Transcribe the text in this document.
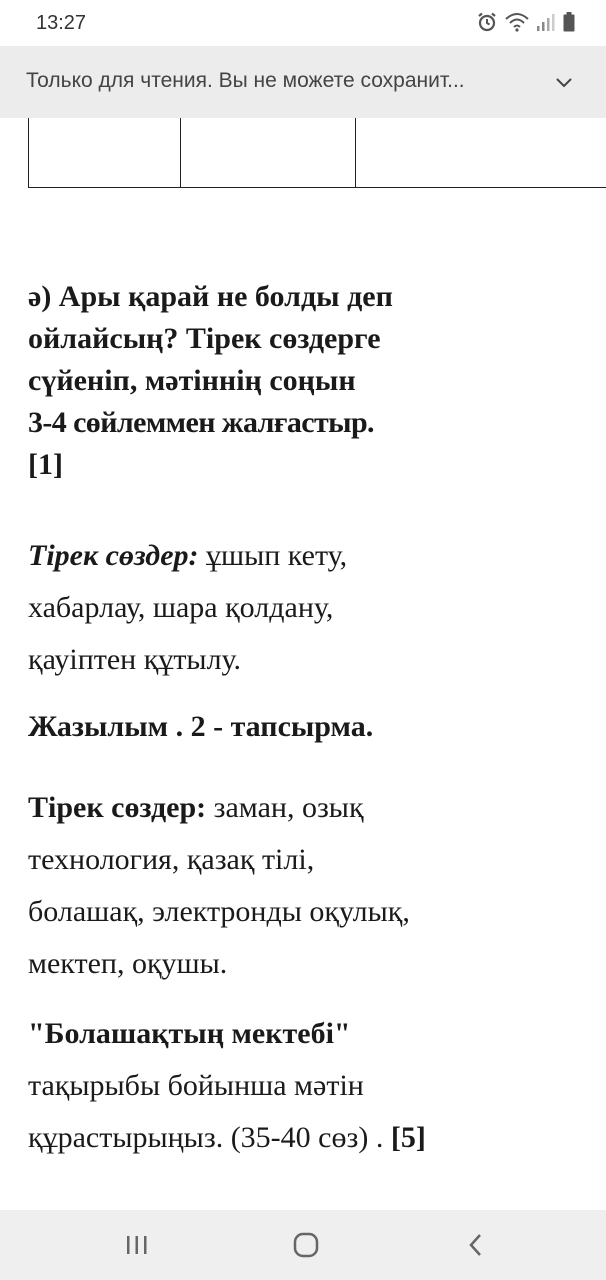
13:27
Только для чтения. Вы не можете сохранит...
ә) Ары қарай не болды деп
ойлайсың? Тірек сөздерге
сүйеніп, мәтіннің соңын
3-4 сөйлеммен жалғастыр.
[1]
Тірек сөздер: ұшып кету,
хабарлау, шара қолдану,
қауіптен құтылу.
Жазылым . 2 - тапсырма.
Тірек сөздер: заман, озық
технология, қазақ тілі,
болашақ, электронды оқулық,
мектеп, оқушы.
"Болашақтың мектебі"
тақырыбы бойынша мәтін
құрастырыңыз. (35-40 сөз) . [5]
